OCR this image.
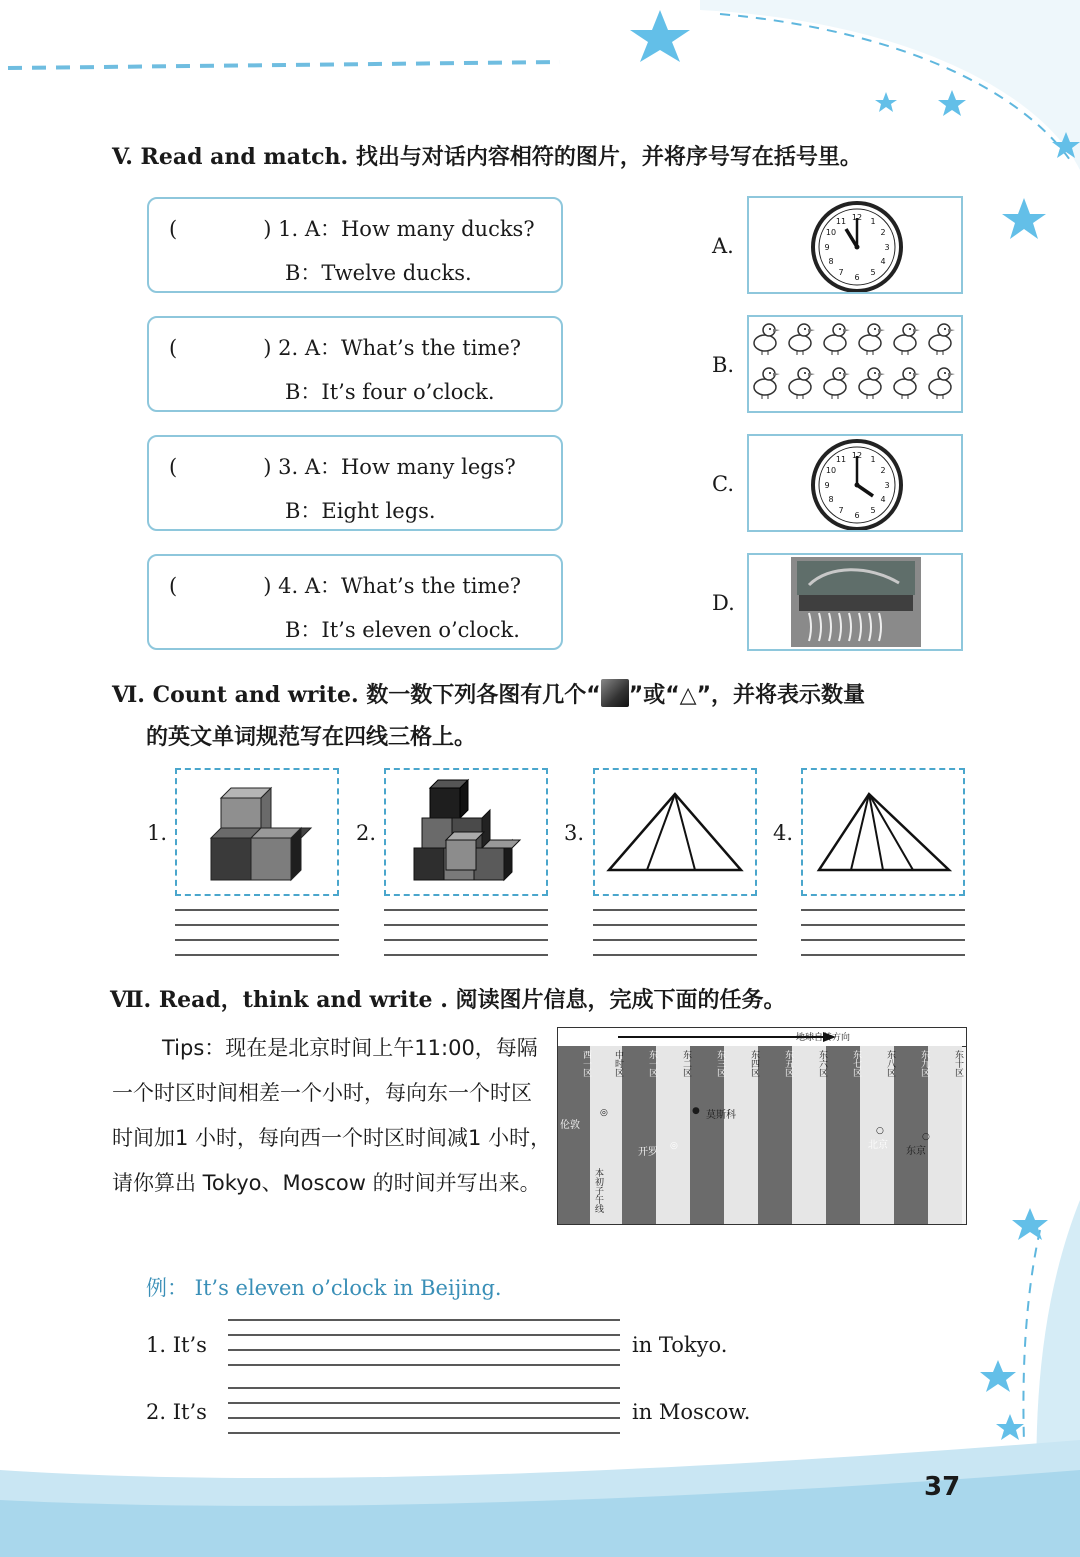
V. Read and match. 找出与对话内容相符的图片，并将序号写在括号里。
(	) 1. A：How many ducks?
B：Twelve ducks.
(	) 2. A：What’s the time?
B：It’s four o’clock.
(	) 3. A：How many legs?
B：Eight legs.
(	) 4. A：What’s the time?
B：It’s eleven o’clock.
A.
B.
C.
D.
12 1
2
3
4
5
6
7
8
9
10
11
12 1
2
3
4
5
6
7
8
9
10
11
Ⅵ. Count and write. 数一数下列各图有几个“ ”或“△”，并将表示数量
的英文单词规范写在四线三格上。
1.	2.	3.	4.
Ⅶ. Read，think and write . 阅读图片信息，完成下面的任务。
Tips：现在是北京时间上午11:00，每隔一个时区时间相差一个小时，每向东一个时区时间加1 小时，每向西一个时区时间减1 小时，请你算出 Tokyo、Moscow 的时间并写出来。
地球自转方向
西一区	中时区	东一区	东二区	东三区	东四区	东五区	东六区	东七区	东八区	东九区	东十区
伦敦
◎
开罗
◎
● 莫斯科
○
北京
○
东京
本初子午线
例： It’s eleven o’clock in Beijing.
1. It’s	in Tokyo.
2. It’s	in Moscow.
37
